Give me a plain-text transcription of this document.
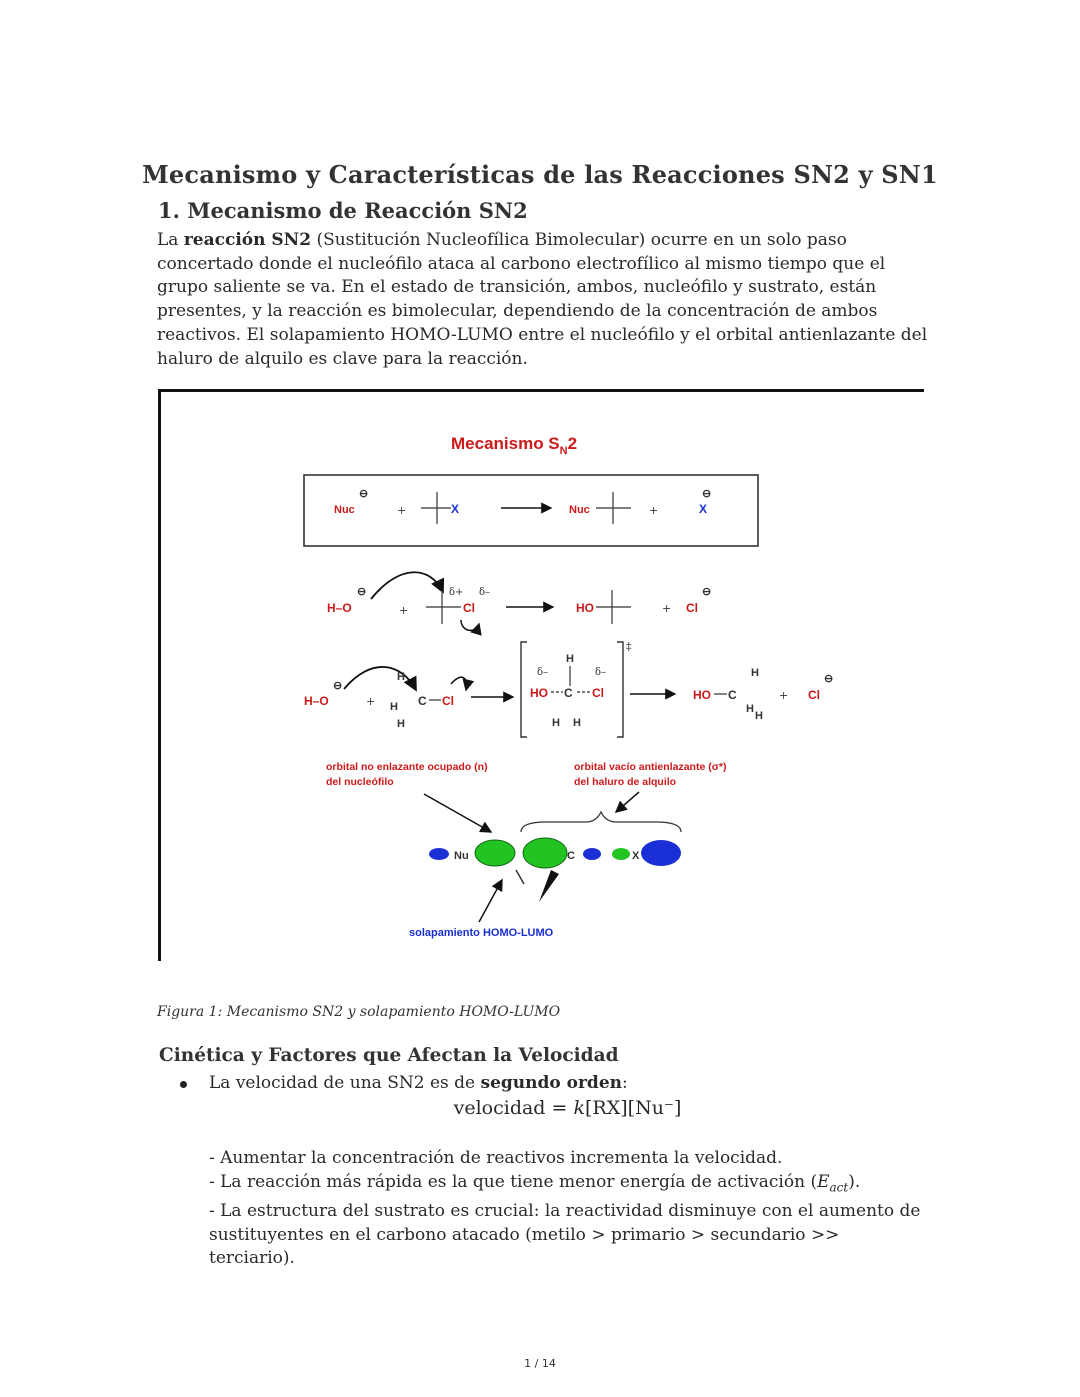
Mecanismo y Características de las Reacciones SN2 y SN1
1. Mecanismo de Reacción SN2
La reacción SN2 (Sustitución Nucleofílica Bimolecular) ocurre en un solo paso concertado donde el nucleófilo ataca al carbono electrofílico al mismo tiempo que el grupo saliente se va. En el estado de transición, ambos, nucleófilo y sustrato, están presentes, y la reacción es bimolecular, dependiendo de la concentración de ambos reactivos. El solapamiento HOMO-LUMO entre el nucleófilo y el orbital antienlazante del haluro de alquilo es clave para la reacción.
Mecanismo $S_N2$
Nuc
⊖
+	X	Nuc	+	X
⊖
H–O
⊖
+
δ+ δ–
Cl	HO	+ Cl
⊖
H–O
⊖
+
H
H
H
C Cl
‡
δ–	δ–
H
HO C Cl
H H
HO C
H
H
H
+ Cl
⊖
orbital no enlazante ocupado (n)
del nucleófilo
orbital vacío antienlazante (σ*)
del haluro de alquilo
Nu	C	X
solapamiento HOMO-LUMO
Figura 1: Mecanismo SN2 y solapamiento HOMO-LUMO
Cinética y Factores que Afectan la Velocidad
La velocidad de una SN2 es de segundo orden:
velocidad = k[RX][Nu⁻]
- Aumentar la concentración de reactivos incrementa la velocidad.
- La reacción más rápida es la que tiene menor energía de activación $(E_{act})$.
- La estructura del sustrato es crucial: la reactividad disminuye con el aumento de sustituyentes en el carbono atacado (metilo > primario > secundario >> terciario).
1 / 14
